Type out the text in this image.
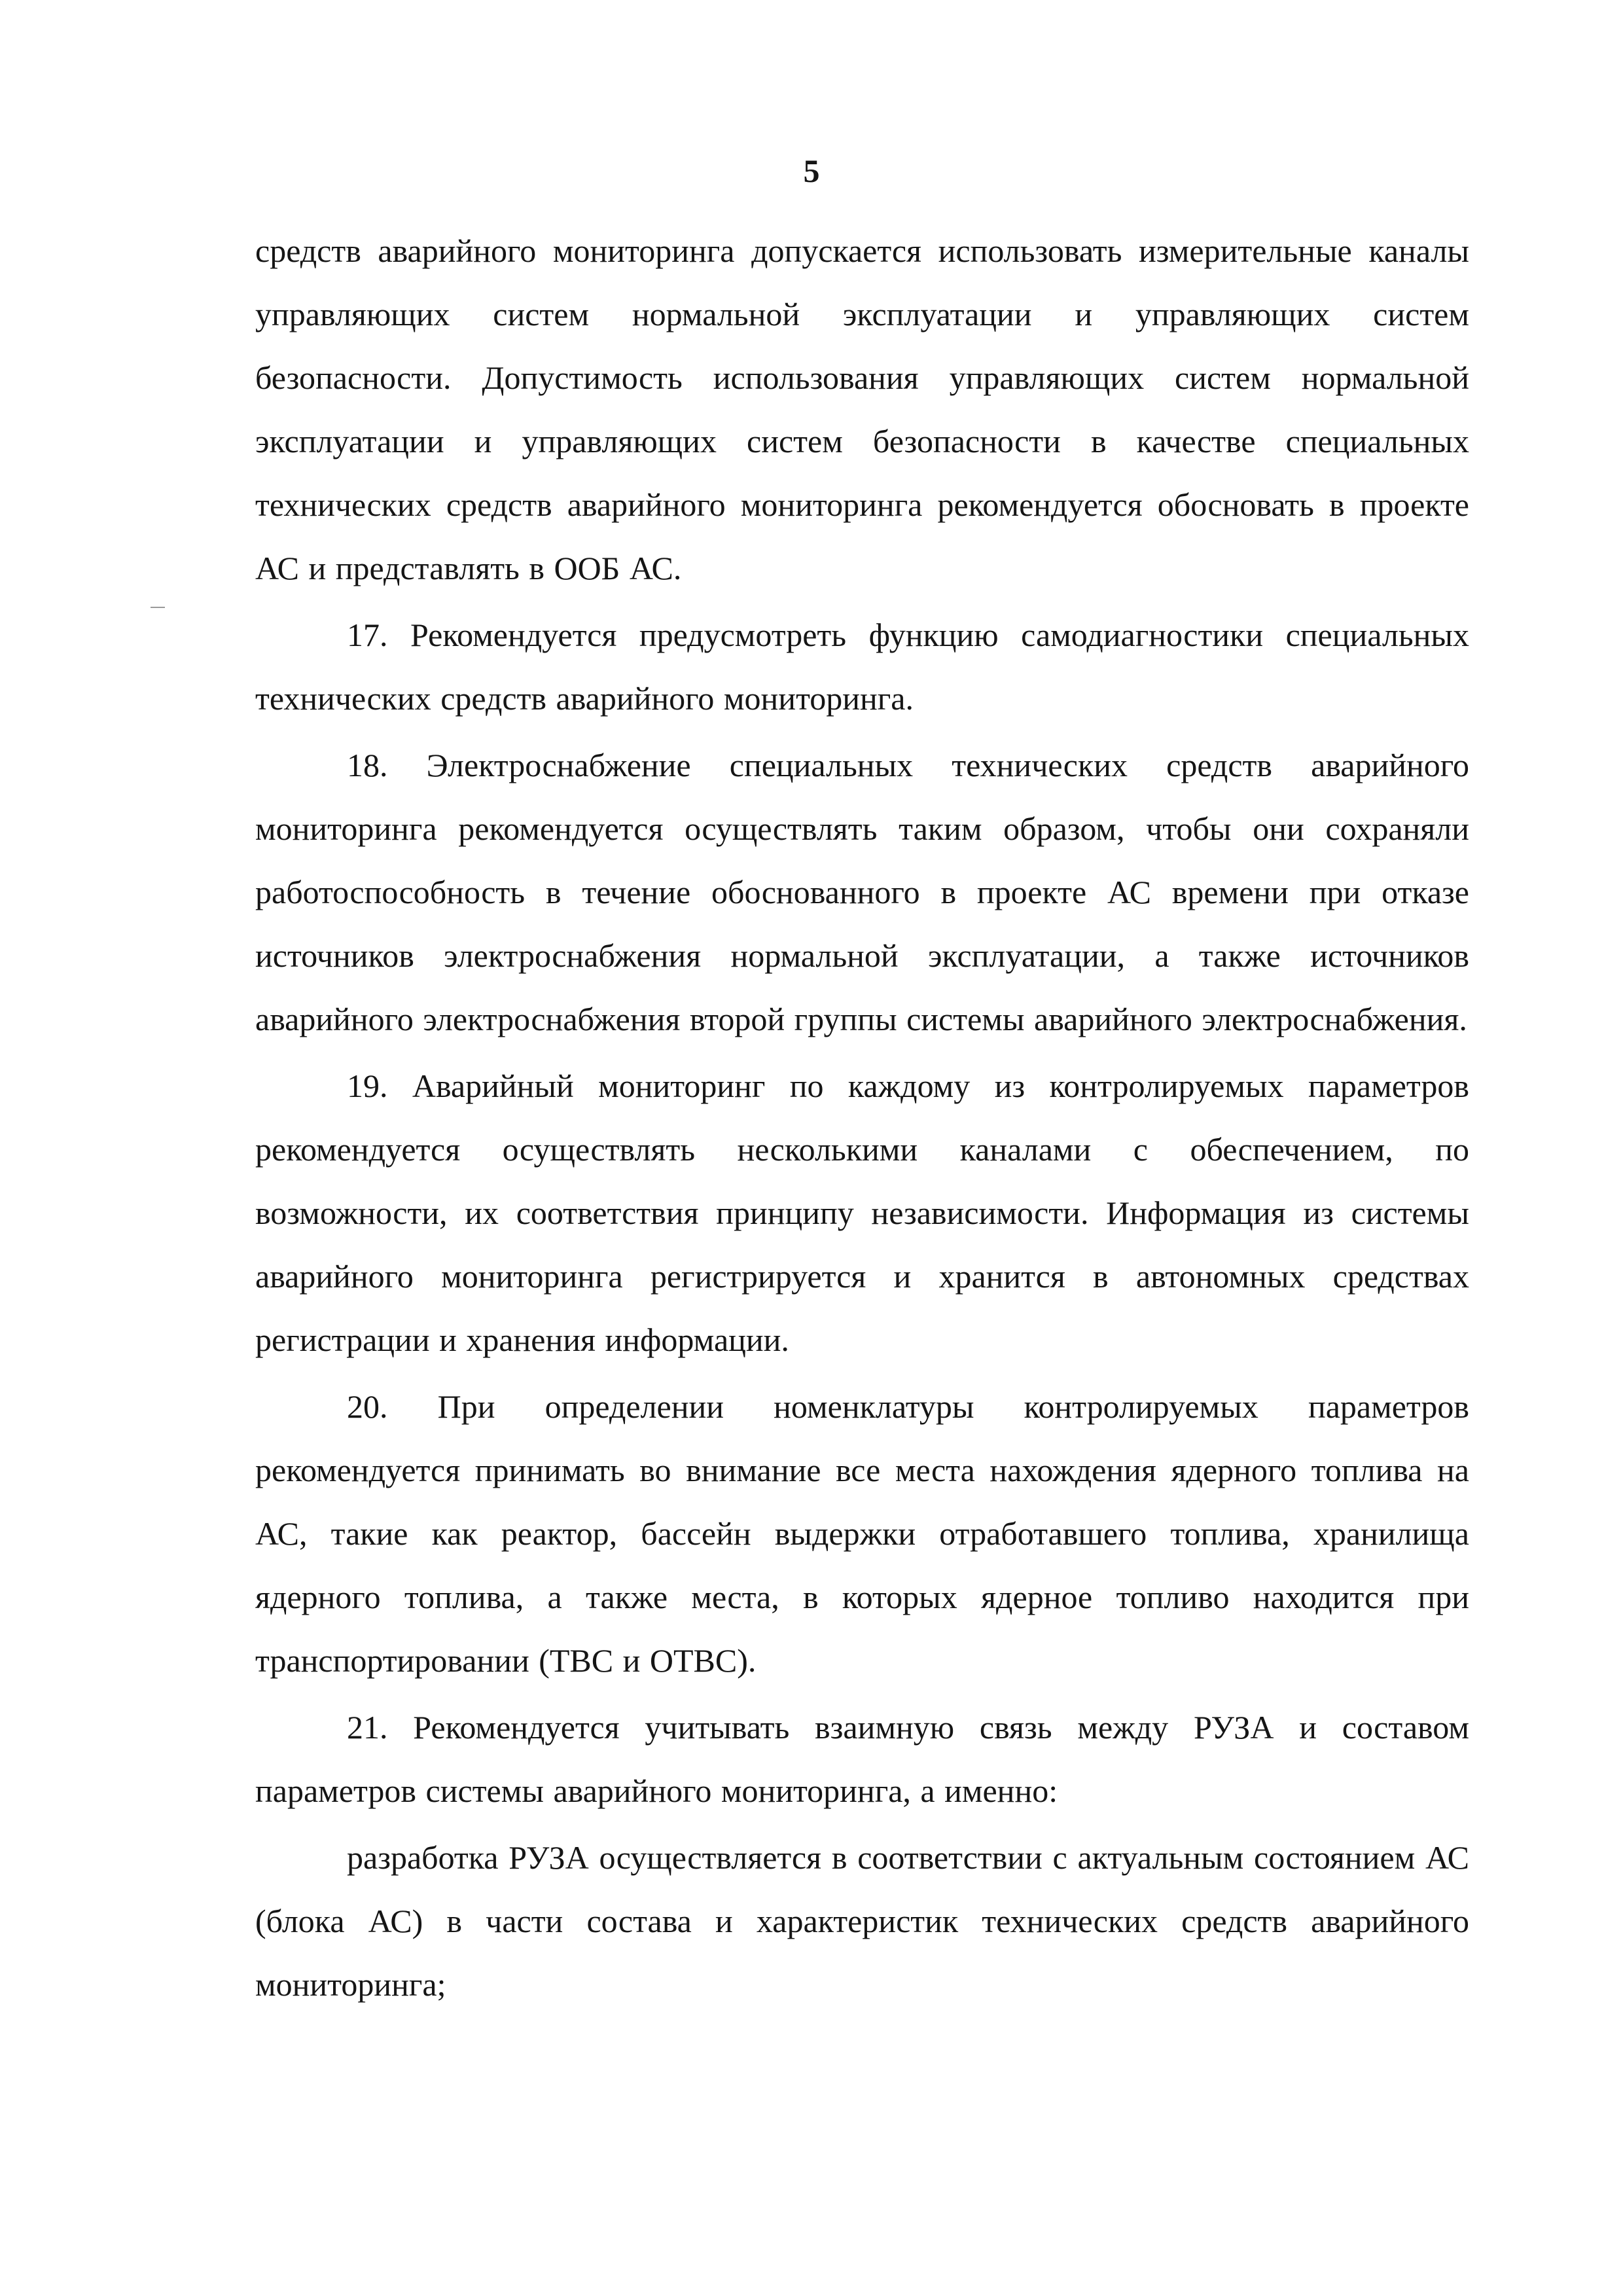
5

средств аварийного мониторинга допускается использовать измерительные каналы управляющих систем нормальной эксплуатации и управляющих систем безопасности. Допустимость использования управляющих систем нормальной эксплуатации и управляющих систем безопасности в качестве специальных технических средств аварийного мониторинга рекомендуется обосновать в проекте АС и представлять в ООБ АС.

17. Рекомендуется предусмотреть функцию самодиагностики специальных технических средств аварийного мониторинга.

18. Электроснабжение специальных технических средств аварийного мониторинга рекомендуется осуществлять таким образом, чтобы они сохраняли работоспособность в течение обоснованного в проекте АС времени при отказе источников электроснабжения нормальной эксплуатации, а также источников аварийного электроснабжения второй группы системы аварийного электроснабжения.

19. Аварийный мониторинг по каждому из контролируемых параметров рекомендуется осуществлять несколькими каналами с обеспечением, по возможности, их соответствия принципу независимости. Информация из системы аварийного мониторинга регистрируется и хранится в автономных средствах регистрации и хранения информации.

20. При определении номенклатуры контролируемых параметров рекомендуется принимать во внимание все места нахождения ядерного топлива на АС, такие как реактор, бассейн выдержки отработавшего топлива, хранилища ядерного топлива, а также места, в которых ядерное топливо находится при транспортировании (ТВС и ОТВС).

21. Рекомендуется учитывать взаимную связь между РУЗА и составом параметров системы аварийного мониторинга, а именно:

разработка РУЗА осуществляется в соответствии с актуальным состоянием АС (блока АС) в части состава и характеристик технических средств аварийного мониторинга;
